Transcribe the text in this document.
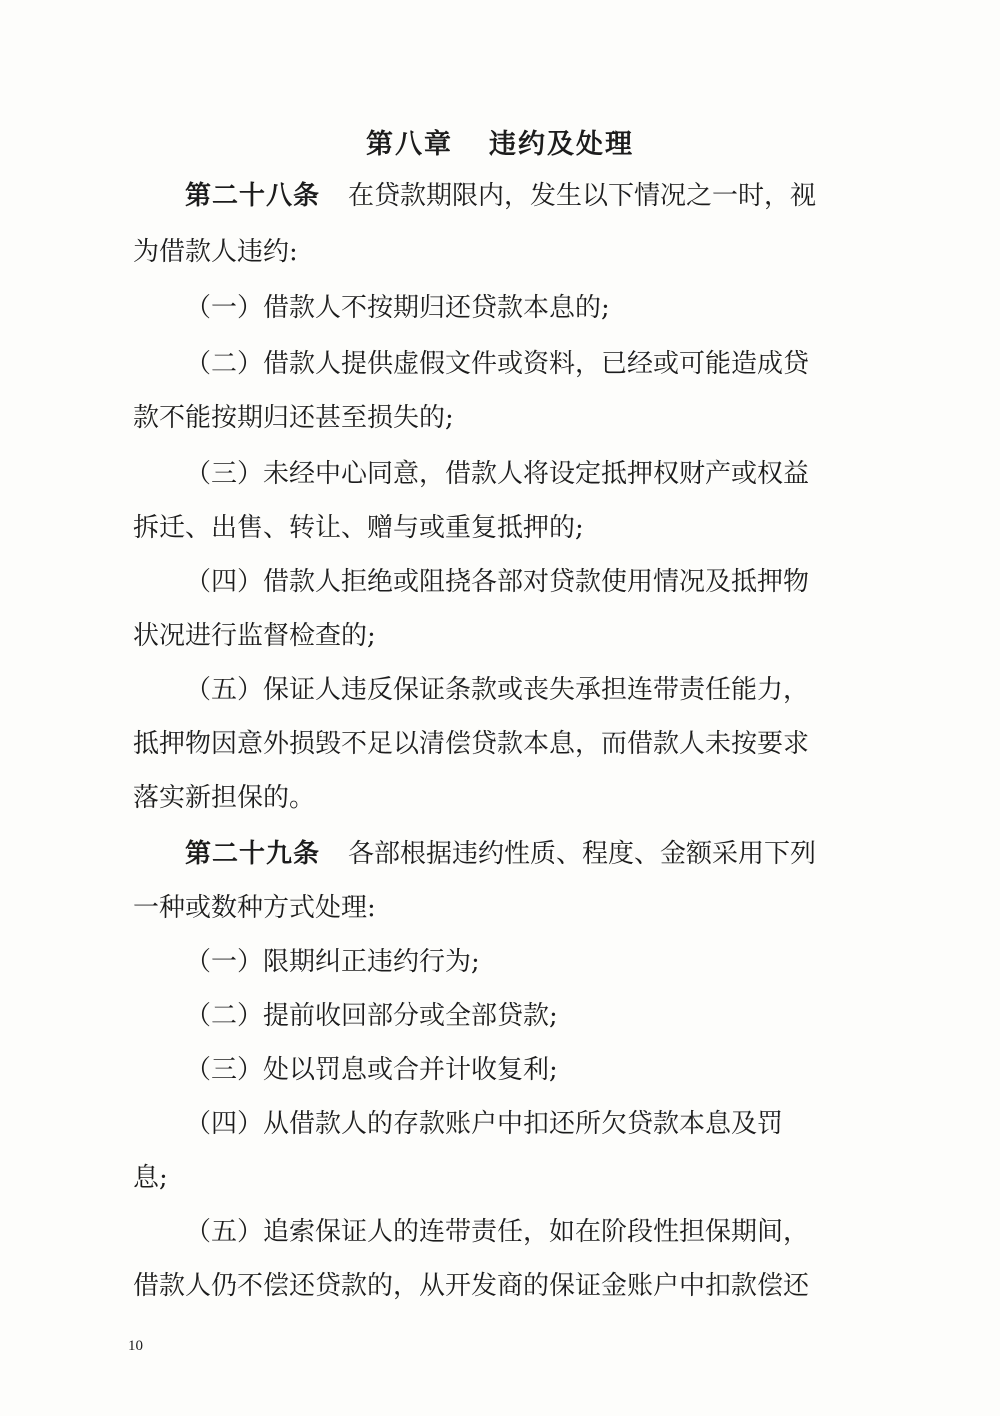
第八章 违约及处理
第二十八条 在贷款期限内，发生以下情况之一时，视
为借款人违约:
（一）借款人不按期归还贷款本息的;
（二）借款人提供虚假文件或资料，已经或可能造成贷
款不能按期归还甚至损失的;
（三）未经中心同意，借款人将设定抵押权财产或权益
拆迁、出售、转让、赠与或重复抵押的;
（四）借款人拒绝或阻挠各部对贷款使用情况及抵押物
状况进行监督检查的;
（五）保证人违反保证条款或丧失承担连带责任能力，
抵押物因意外损毁不足以清偿贷款本息，而借款人未按要求
落实新担保的。
第二十九条 各部根据违约性质、程度、金额采用下列
一种或数种方式处理:
（一）限期纠正违约行为;
（二）提前收回部分或全部贷款;
（三）处以罚息或合并计收复利;
（四）从借款人的存款账户中扣还所欠贷款本息及罚
息;
（五）追索保证人的连带责任，如在阶段性担保期间，
借款人仍不偿还贷款的，从开发商的保证金账户中扣款偿还
10
